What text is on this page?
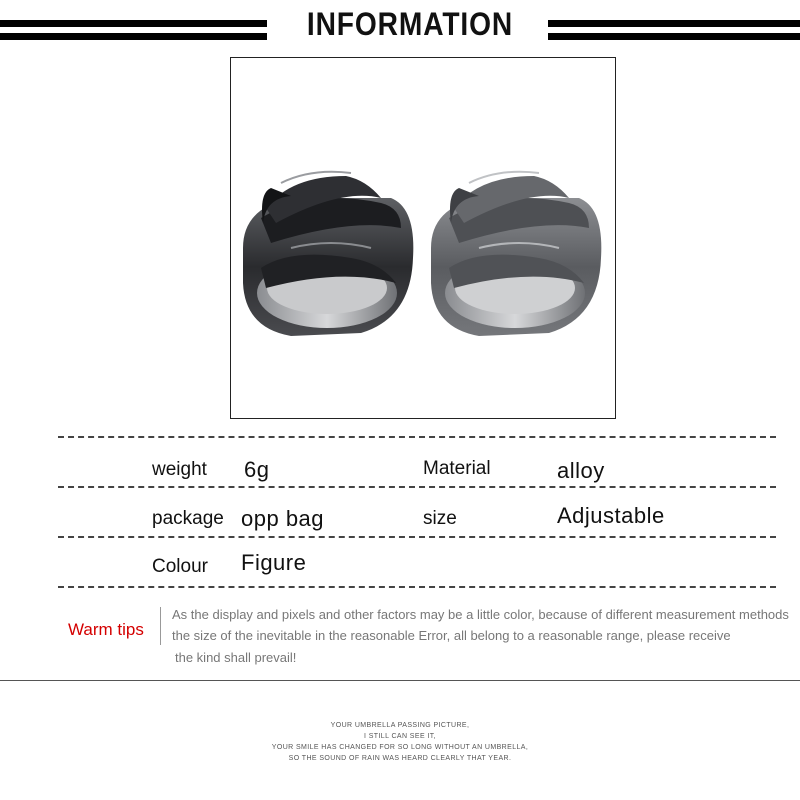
INFORMATION
weight 6g	Material	alloy
package opp bag	size	Adjustable
Colour Figure
Warm tips
As the display and pixels and other factors may be a little color, because of different measurement methods
the size of the inevitable in the reasonable Error, all belong to a reasonable range, please receive
the kind shall prevail!
YOUR UMBRELLA PASSING PICTURE,
I STILL CAN SEE IT,
YOUR SMILE HAS CHANGED FOR SO LONG WITHOUT AN UMBRELLA,
SO THE SOUND OF RAIN WAS HEARD CLEARLY THAT YEAR.
